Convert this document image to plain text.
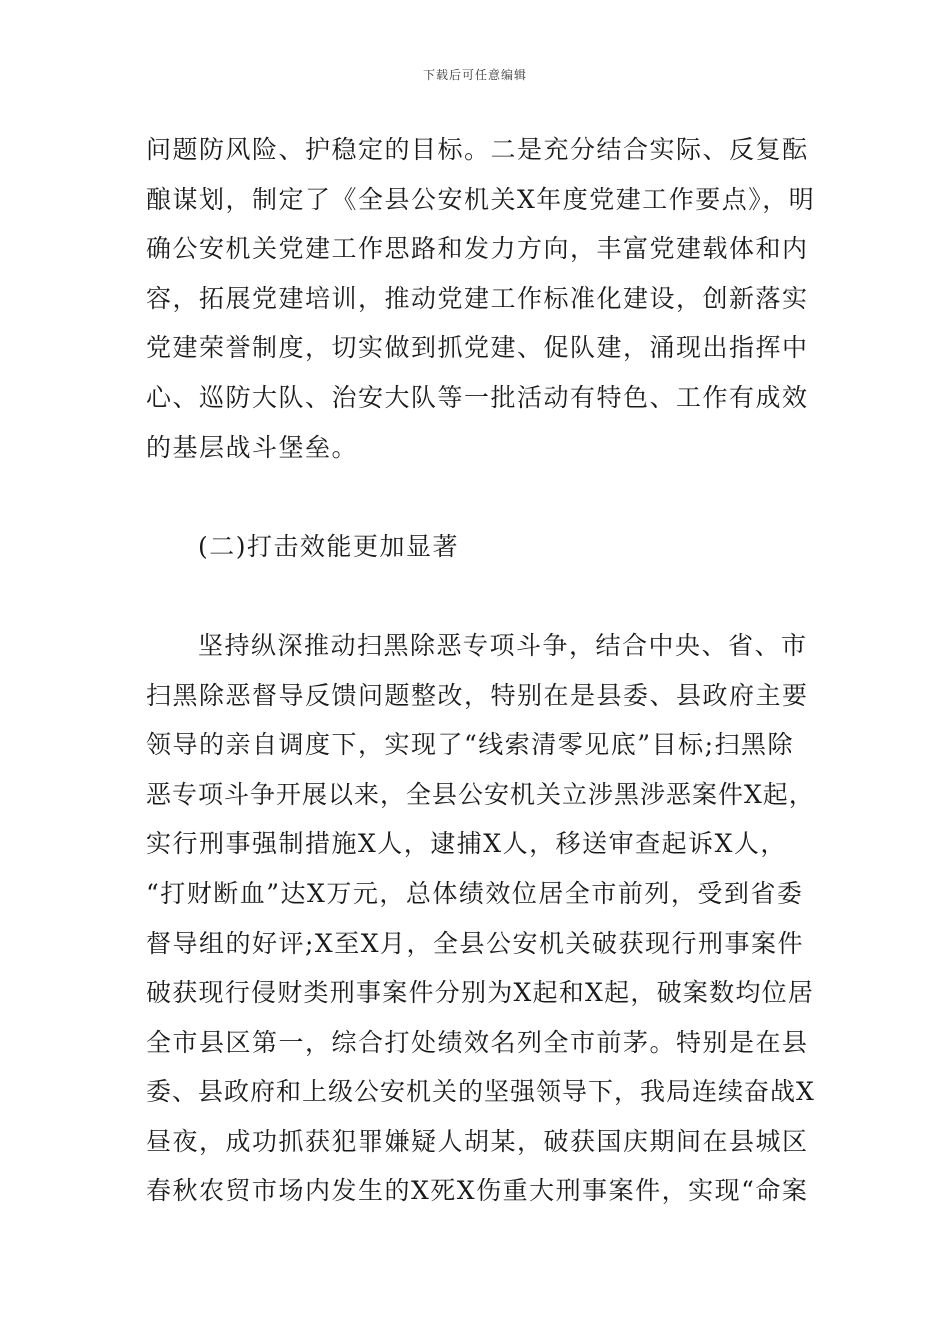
下载后可任意编辑
问题防风险、护稳定的目标。二是充分结合实际、反复酝
酿谋划，制定了《全县公安机关X年度党建工作要点》，明
确公安机关党建工作思路和发力方向，丰富党建载体和内
容，拓展党建培训，推动党建工作标准化建设，创新落实
党建荣誉制度，切实做到抓党建、促队建，涌现出指挥中
心、巡防大队、治安大队等一批活动有特色、工作有成效
的基层战斗堡垒。
(二)打击效能更加显著
坚持纵深推动扫黑除恶专项斗争，结合中央、省、市
扫黑除恶督导反馈问题整改，特别在是县委、县政府主要
领导的亲自调度下，实现了“线索清零见底”目标;扫黑除
恶专项斗争开展以来，全县公安机关立涉黑涉恶案件X起，
实行刑事强制措施X人，逮捕X人，移送审查起诉X人，
“打财断血”达X万元，总体绩效位居全市前列，受到省委
督导组的好评;X至X月，全县公安机关破获现行刑事案件
破获现行侵财类刑事案件分别为X起和X起，破案数均位居
全市县区第一，综合打处绩效名列全市前茅。特别是在县
委、县政府和上级公安机关的坚强领导下，我局连续奋战X
昼夜，成功抓获犯罪嫌疑人胡某，破获国庆期间在县城区
春秋农贸市场内发生的X死X伤重大刑事案件，实现“命案
